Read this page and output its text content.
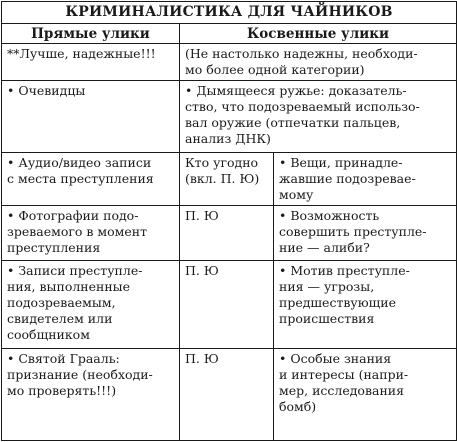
КРИМИНАЛИСТИКА ДЛЯ ЧАЙНИКОВ		
Прямые улики	Косвенные улики	
**Лучше, надежные!!!	(Не настолько надежны, необходи-
мо более одной категории)	
• Очевидцы	• Дымящееся ружье: доказатель-
ство, что подозреваемый использо-
вал оружие (отпечатки пальцев,
анализ ДНК)	
• Аудио/видео записи
с места преступления	Кто угодно
(вкл. П. Ю)	• Вещи, принадле-
жавшие подозревае-
мому
• Фотографии подо-
зреваемого в момент
преступления	П. Ю	• Возможность
совершить преступле-
ние — алиби?
• Записи преступле-
ния, выполненные
подозреваемым,
свидетелем или
сообщником	П. Ю	• Мотив преступле-
ния — угрозы,
предшествующие
происшествия
• Святой Грааль:
признание (необходи-
мо проверять!!!)	П. Ю	• Особые знания
и интересы (напри-
мер, исследования
бомб)
